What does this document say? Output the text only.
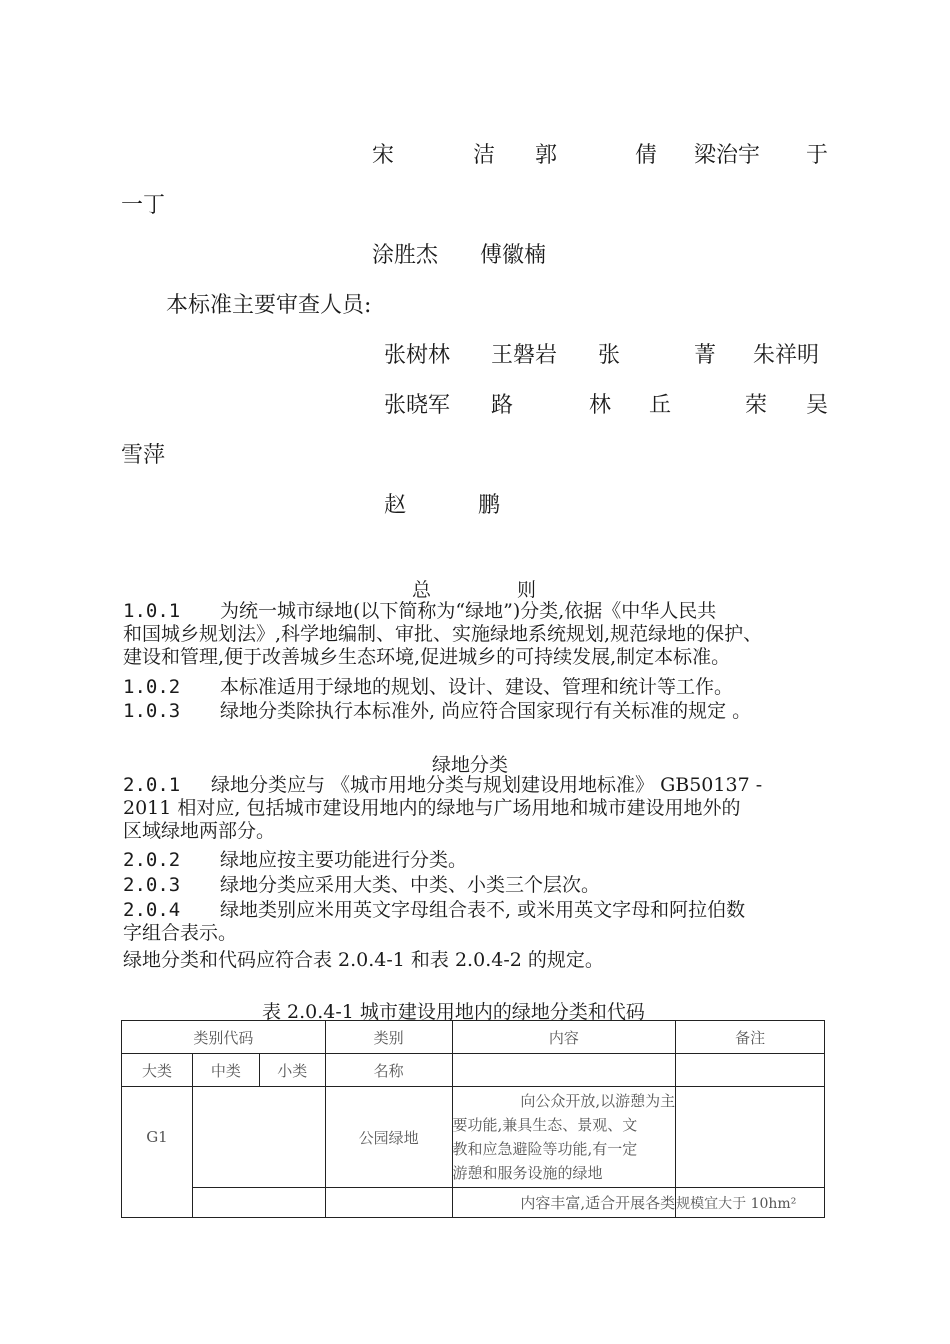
宋	洁 郭	倩 梁治宇 于
一丁
涂胜杰 傅徽楠
本标准主要审查人员:
张树林 王磐岩 张	菁 朱祥明
张晓军 路	林 丘	荣 吴
雪萍
赵	鹏
总	则
1.0.1 为统一城市绿地(以下简称为“绿地”)分类,依据《中华人民共
和国城乡规划法》,科学地编制、审批、实施绿地系统规划,规范绿地的保护、
建设和管理,便于改善城乡生态环境,促进城乡的可持续发展,制定本标准。
1.0.2 本标准适用于绿地的规划、设计、建设、管理和统计等工作。
1.0.3 绿地分类除执行本标准外, 尚应符合国家现行有关标准的规定 。
绿地分类
2.0.1 绿地分类应与 《城市用地分类与规划建设用地标准》 GB50137 -
2011 相对应, 包括城市建设用地内的绿地与广场用地和城市建设用地外的
区域绿地两部分。
2.0.2 绿地应按主要功能进行分类。
2.0.3 绿地分类应采用大类、中类、小类三个层次。
2.0.4 绿地类别应米用英文字母组合表不, 或米用英文字母和阿拉伯数
字组合表示。
绿地分类和代码应符合表 2.0.4-1 和表 2.0.4-2 的规定。
表 2.0.4-1 城市建设用地内的绿地分类和代码
类别代码			类别	内容	备注
大类	中类	小类	名称		
G1			公园绿地	向公众开放,以游憩为主
要功能,兼具生态、景观、文
教和应急避险等功能,有一定
游憩和服务设施的绿地	

				内容丰富,适合开展各类	规模宜大于 10hm²
